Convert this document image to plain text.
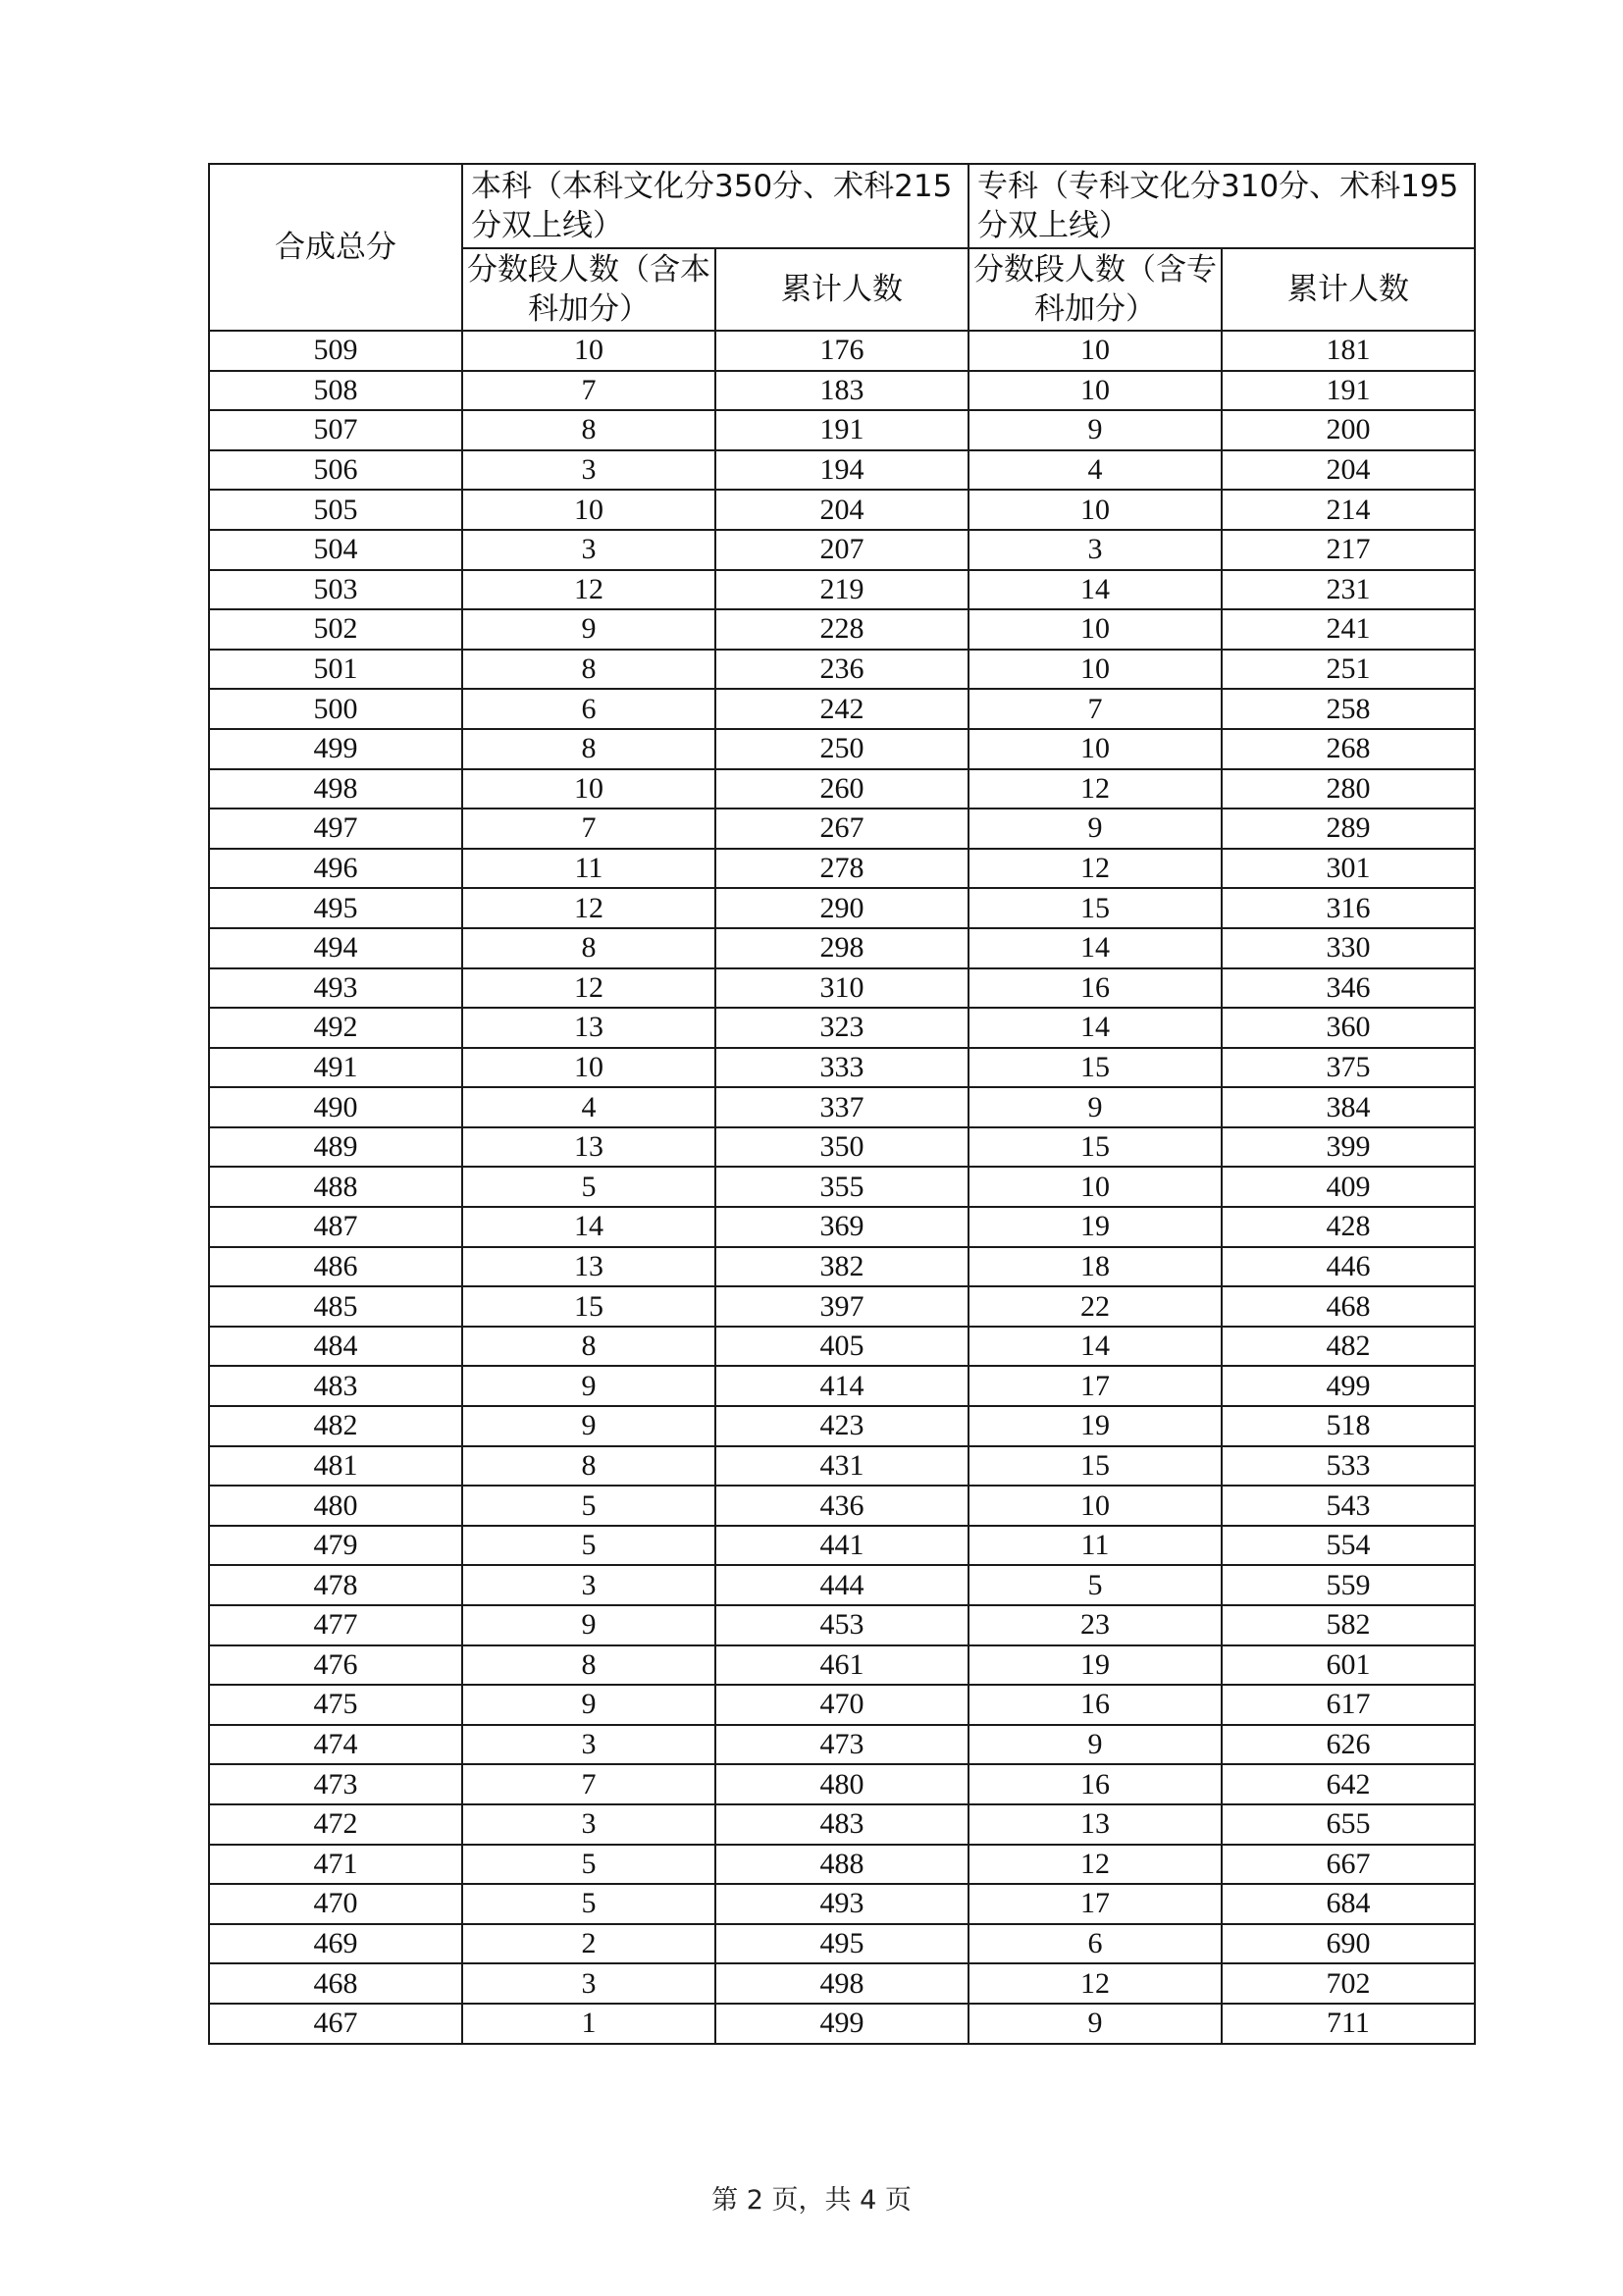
合成总分	本科（本科文化分350分、术科215分双上线）		专科（专科文化分310分、术科195分双上线）	
	分数段人数（含本科加分）	累计人数	分数段人数（含专科加分）	累计人数
509	10	176	10	181
508	7	183	10	191
507	8	191	9	200
506	3	194	4	204
505	10	204	10	214
504	3	207	3	217
503	12	219	14	231
502	9	228	10	241
501	8	236	10	251
500	6	242	7	258
499	8	250	10	268
498	10	260	12	280
497	7	267	9	289
496	11	278	12	301
495	12	290	15	316
494	8	298	14	330
493	12	310	16	346
492	13	323	14	360
491	10	333	15	375
490	4	337	9	384
489	13	350	15	399
488	5	355	10	409
487	14	369	19	428
486	13	382	18	446
485	15	397	22	468
484	8	405	14	482
483	9	414	17	499
482	9	423	19	518
481	8	431	15	533
480	5	436	10	543
479	5	441	11	554
478	3	444	5	559
477	9	453	23	582
476	8	461	19	601
475	9	470	16	617
474	3	473	9	626
473	7	480	16	642
472	3	483	13	655
471	5	488	12	667
470	5	493	17	684
469	2	495	6	690
468	3	498	12	702
467	1	499	9	711
第 2 页，共 4 页
